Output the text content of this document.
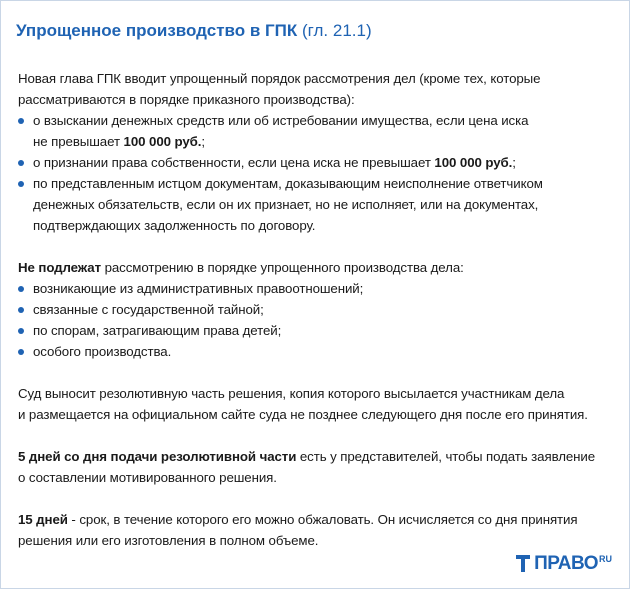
Упрощенное производство в ГПК (гл. 21.1)
Новая глава ГПК вводит упрощенный порядок рассмотрения дел (кроме тех, которые
рассматриваются в порядке приказного производства):
о взыскании денежных средств или об истребовании имущества, если цена иска
не превышает 100 000 руб.;
о признании права собственности, если цена иска не превышает 100 000 руб.;
по представленным истцом документам, доказывающим неисполнение ответчиком
денежных обязательств, если он их признает, но не исполняет, или на документах,
подтверждающих задолженность по договору.
Не подлежат рассмотрению в порядке упрощенного производства дела:
возникающие из административных правоотношений;
связанные с государственной тайной;
по спорам, затрагивающим права детей;
особого производства.
Суд выносит резолютивную часть решения, копия которого высылается участникам дела
и размещается на официальном сайте суда не позднее следующего дня после его принятия.
5 дней со дня подачи резолютивной части есть у представителей, чтобы подать заявление
о составлении мотивированного решения.
15 дней - срок, в течение которого его можно обжаловать. Он исчисляется со дня принятия
решения или его изготовления в полном объеме.
ПРАВО RU
